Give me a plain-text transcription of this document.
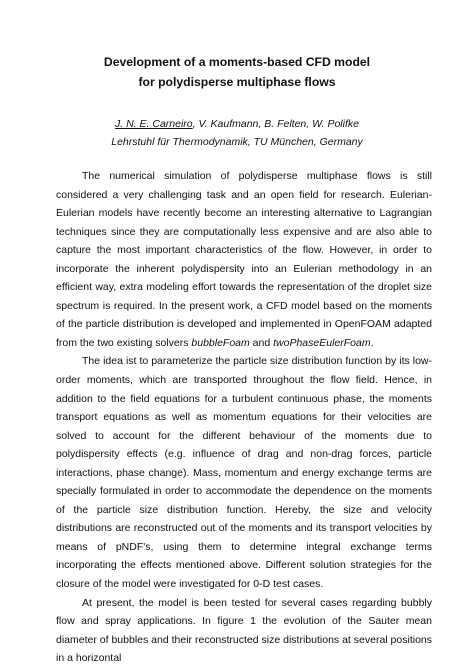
Development of a moments-based CFD model
for polydisperse multiphase flows

J. N. E. Carneiro, V. Kaufmann, B. Felten, W. Polifke

Lehrstuhl für Thermodynamik, TU München, Germany

The numerical simulation of polydisperse multiphase flows is still considered a very challenging task and an open field for research. Eulerian-Eulerian models have recently become an interesting alternative to Lagrangian techniques since they are computationally less expensive and are also able to capture the most important characteristics of the flow. However, in order to incorporate the inherent polydispersity into an Eulerian methodology in an efficient way, extra modeling effort towards the representation of the droplet size spectrum is required. In the present work, a CFD model based on the moments of the particle distribution is developed and implemented in OpenFOAM adapted from the two existing solvers bubbleFoam and twoPhaseEulerFoam.

The idea ist to parameterize the particle size distribution function by its low-order moments, which are transported throughout the flow field. Hence, in addition to the field equations for a turbulent continuous phase, the moments transport equations as well as momentum equations for their velocities are solved to account for the different behaviour of the moments due to polydispersity effects (e.g. influence of drag and non-drag forces, particle interactions, phase change). Mass, momentum and energy exchange terms are specially formulated in order to accommodate the dependence on the moments of the particle size distribution function. Hereby, the size and velocity distributions are reconstructed out of the moments and its transport velocities by means of pNDF's, using them to determine integral exchange terms incorporating the effects mentioned above. Different solution strategies for the closure of the model were investigated for 0-D test cases.

At present, the model is been tested for several cases regarding bubbly flow and spray applications. In figure 1 the evolution of the Sauter mean diameter of bubbles and their reconstructed size distributions at several positions in a horizontal
